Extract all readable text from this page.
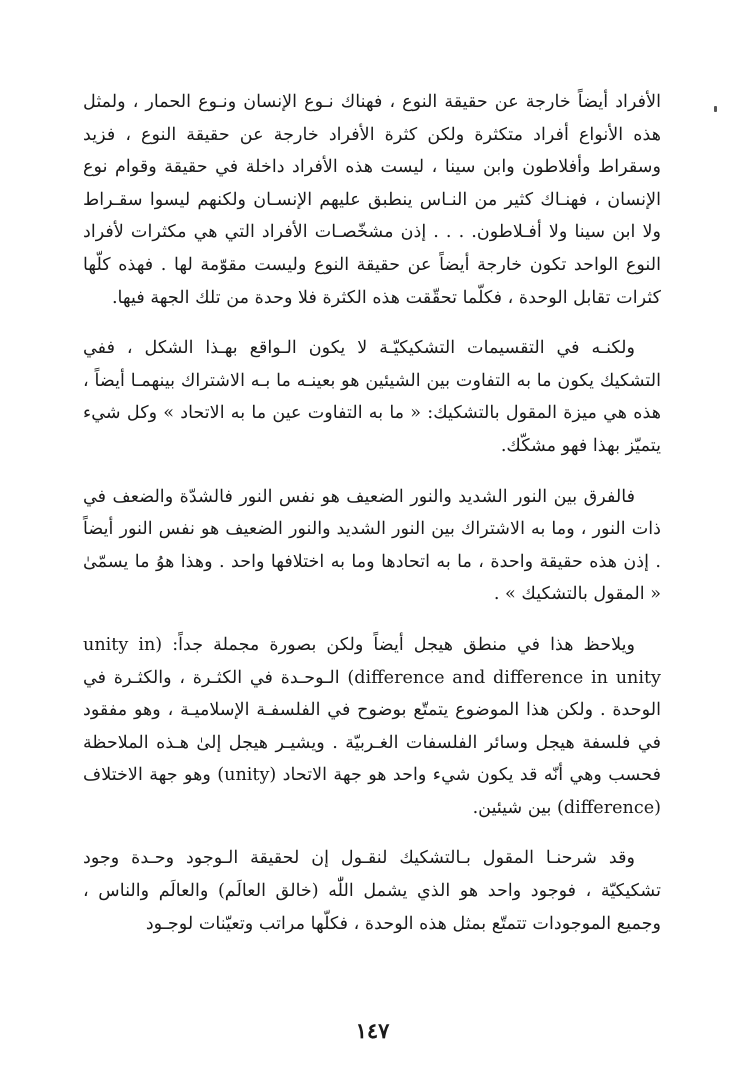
الأفراد أيضاً خارجة عن حقيقة النوع ، فهناك نـوع الإنسان ونـوع الحمار ، ولمثل هذه الأنواع أفراد متكثرة ولكن كثرة الأفراد خارجة عن حقيقة النوع ، فزيد وسقراط وأفلاطون وابن سينا ، ليست هذه الأفراد داخلة في حقيقة وقوام نوع الإنسان ، فهنـاك كثير من النـاس ينطبق عليهم الإنسـان ولكنهم ليسوا سقـراط ولا ابن سينا ولا أفـلاطون. . . . إذن مشخّصـات الأفراد التي هي مكثرات لأفراد النوع الواحد تكون خارجة أيضاً عن حقيقة النوع وليست مقوّمة لها . فهذه كلّها كثرات تقابل الوحدة ، فكلّما تحقّقت هذه الكثرة فلا وحدة من تلك الجهة فيها.

ولكنـه في التقسيمات التشكيكيّـة لا يكون الـواقع بهـذا الشكل ، ففي التشكيك يكون ما به التفاوت بين الشيئين هو بعينـه ما بـه الاشتراك بينهمـا أيضاً ، هذه هي ميزة المقول بالتشكيك: « ما به التفاوت عين ما به الاتحاد » وكل شيء يتميّز بهذا فهو مشكّك.

فالفرق بين النور الشديد والنور الضعيف هو نفس النور فالشدّة والضعف في ذات النور ، وما به الاشتراك بين النور الشديد والنور الضعيف هو نفس النور أيضاً . إذن هذه حقيقة واحدة ، ما به اتحادها وما به اختلافها واحد . وهذا هوُ ما يسمّىٰ « المقول بالتشكيك » .

ويلاحظ هذا في منطق هيجل أيضاً ولكن بصورة مجملة جداً: (unity in difference and difference in unity) الـوحـدة في الكثـرة ، والكثـرة في الوحدة . ولكن هذا الموضوع يتمتّع بوضوح في الفلسفـة الإسلاميـة ، وهو مفقود في فلسفة هيجل وسائر الفلسفات الغـربيّة . ويشيـر هيجل إلىٰ هـذه الملاحظة فحسب وهي أنّه قد يكون شيء واحد هو جهة الاتحاد (unity) وهو جهة الاختلاف (difference) بين شيئين.

وقد شرحنـا المقول بـالتشكيك لنقـول إن لحقيقة الـوجود وحـدة وجود تشكيكيّة ، فوجود واحد هو الذي يشمل اللّٰه (خالق العالَم) والعالَم والناس ، وجميع الموجودات تتمتّع بمثل هذه الوحدة ، فكلّها مراتب وتعيّنات لوجـود

١٤٧
